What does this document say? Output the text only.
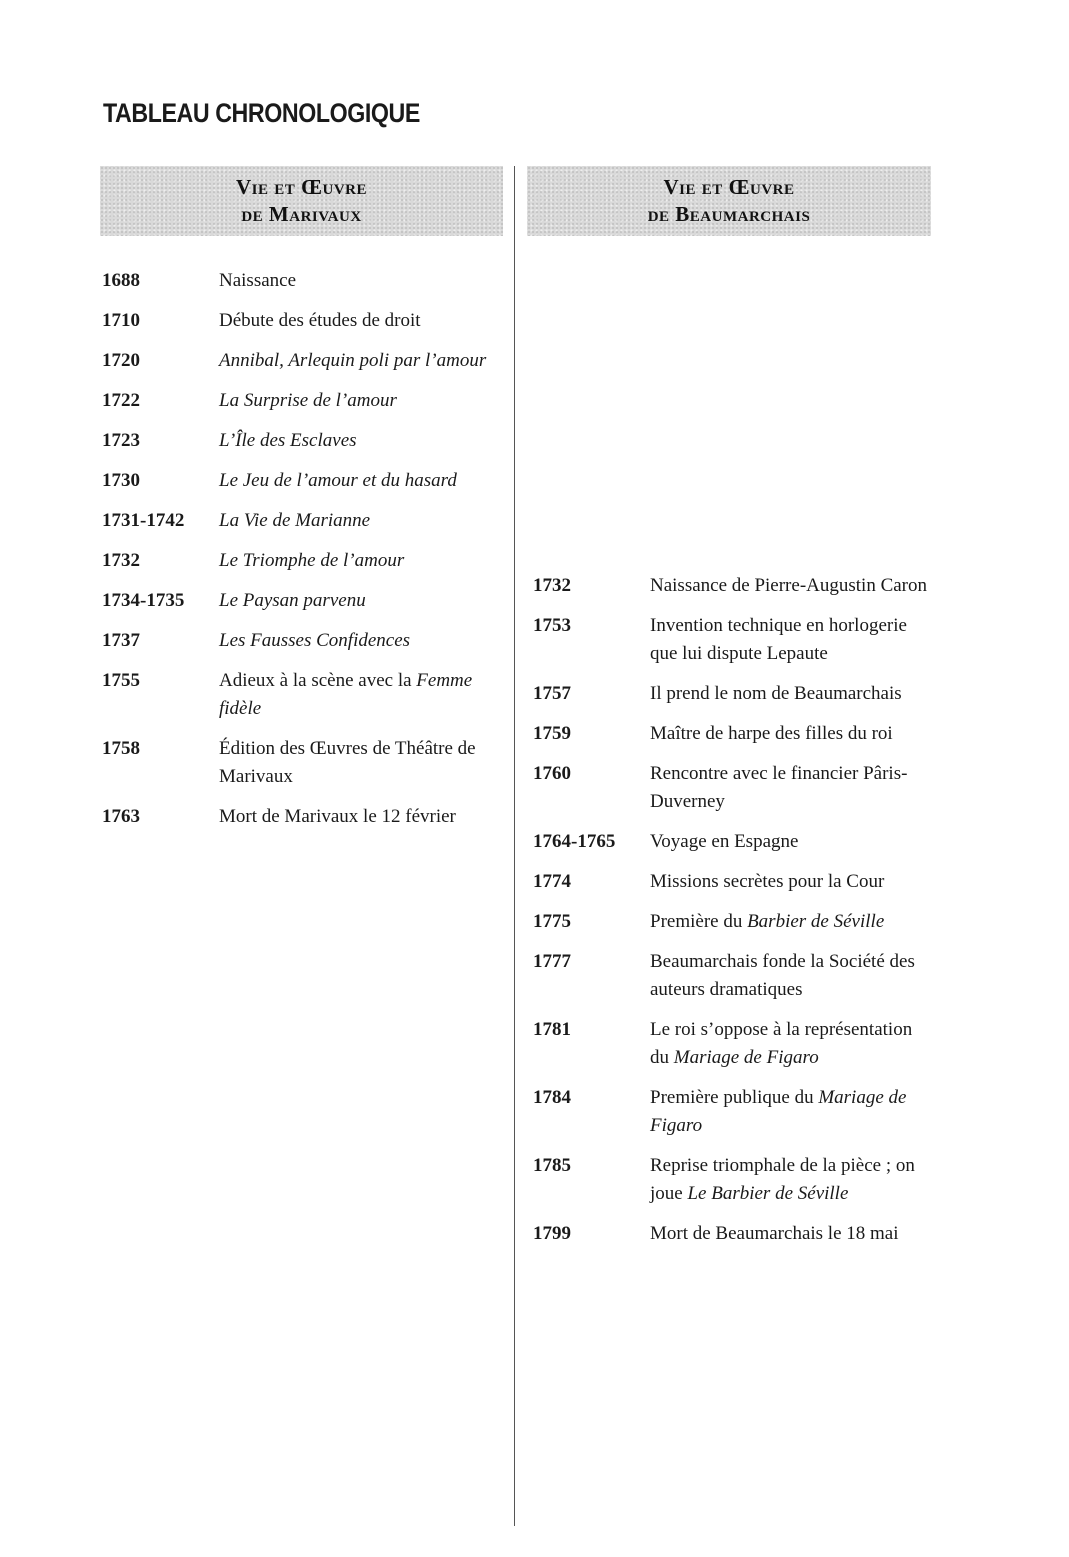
TABLEAU CHRONOLOGIQUE
Vie et Œuvre
de Marivaux
Vie et Œuvre
de Beaumarchais
1688	Naissance
1710	Débute des études de droit
1720	Annibal, Arlequin poli par l’amour
1722	La Surprise de l’amour
1723	L’Île des Esclaves
1730	Le Jeu de l’amour et du hasard
1731-1742	La Vie de Marianne
1732	Le Triomphe de l’amour
1734-1735	Le Paysan parvenu
1737	Les Fausses Confidences
1755	Adieux à la scène avec la Femme fidèle
1758	Édition des Œuvres de Théâtre de Marivaux
1763	Mort de Marivaux le 12 février
1732	Naissance de Pierre-Augustin Caron
1753	Invention technique en horlogerie que lui dispute Lepaute
1757	Il prend le nom de Beaumarchais
1759	Maître de harpe des filles du roi
1760	Rencontre avec le financier Pâris-Duverney
1764-1765	Voyage en Espagne
1774	Missions secrètes pour la Cour
1775	Première du Barbier de Séville
1777	Beaumarchais fonde la Société des auteurs dramatiques
1781	Le roi s’oppose à la représentation du Mariage de Figaro
1784	Première publique du Mariage de Figaro
1785	Reprise triomphale de la pièce ; on joue Le Barbier de Séville
1799	Mort de Beaumarchais le 18 mai
